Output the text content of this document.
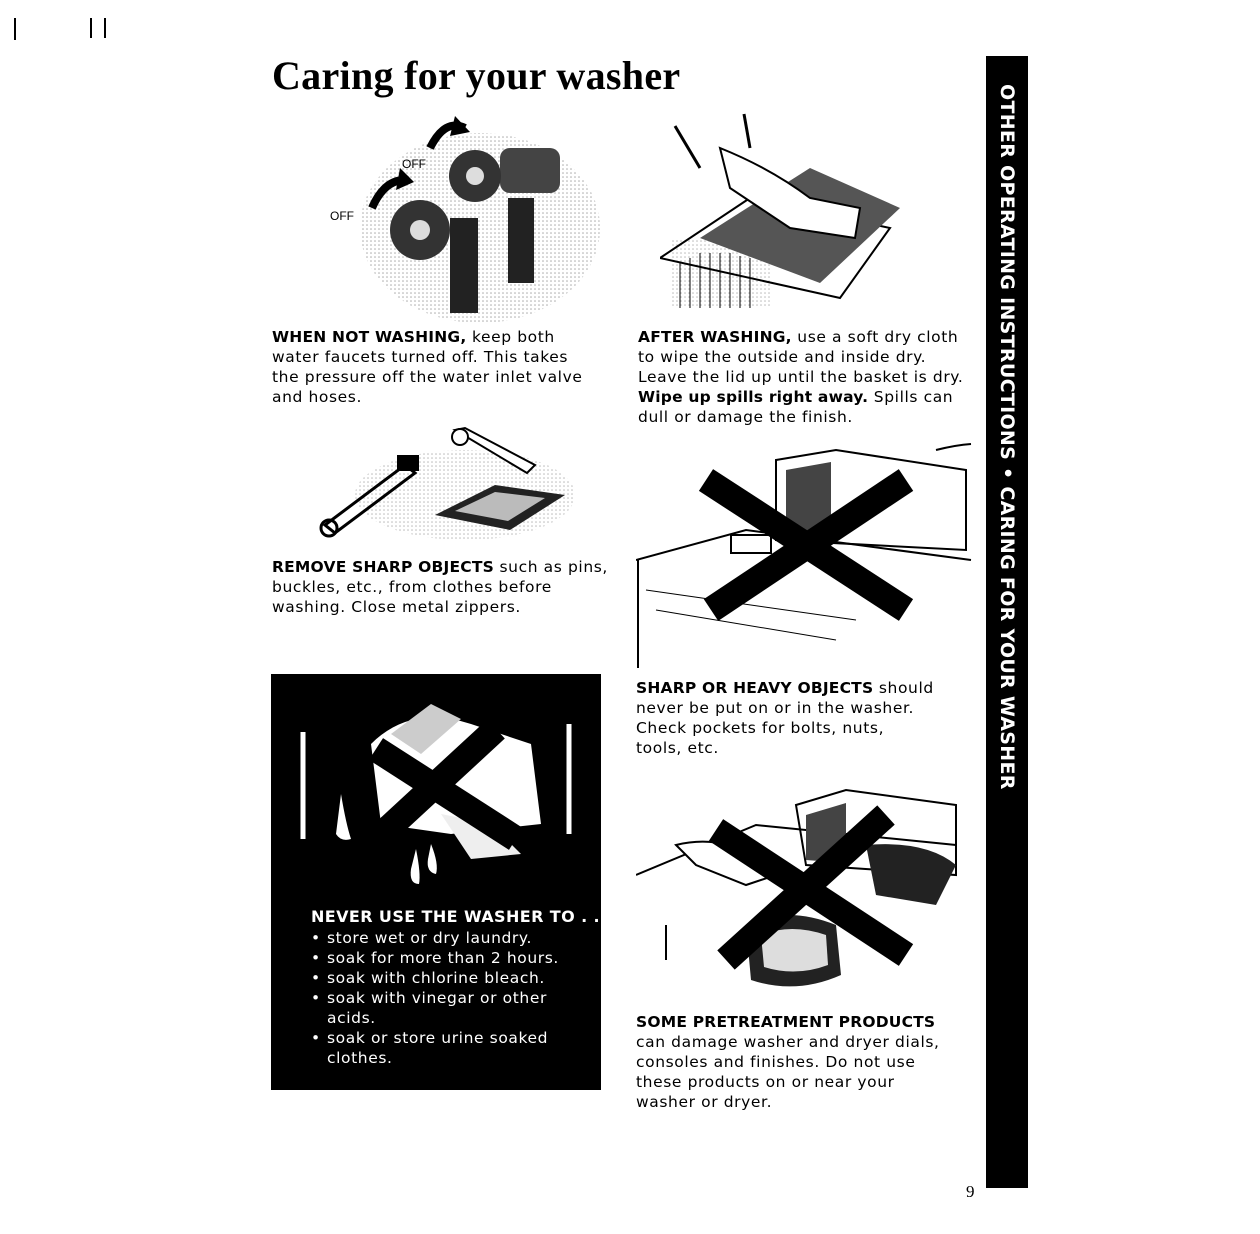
Caring for your washer
OFF
OFF

WHEN NOT WASHING, keep both
water faucets turned off. This takes
the pressure off the water inlet valve
and hoses.

AFTER WASHING, use a soft dry cloth
to wipe the outside and inside dry.
Leave the lid up until the basket is dry.
Wipe up spills right away. Spills can
dull or damage the finish.

REMOVE SHARP OBJECTS such as pins,
buckles, etc., from clothes before
washing. Close metal zippers.

SHARP OR HEAVY OBJECTS should
never be put on or in the washer.
Check pockets for bolts, nuts,
tools, etc.

NEVER USE THE WASHER TO . . .

• store wet or dry laundry.
• soak for more than 2 hours.
• soak with chlorine bleach.
• soak with vinegar or other acids.
• soak or store urine soaked clothes.

SOME PRETREATMENT PRODUCTS
can damage washer and dryer dials,
consoles and finishes. Do not use
these products on or near your
washer or dryer.

OTHER OPERATING INSTRUCTIONS • CARING FOR YOUR WASHER

9
